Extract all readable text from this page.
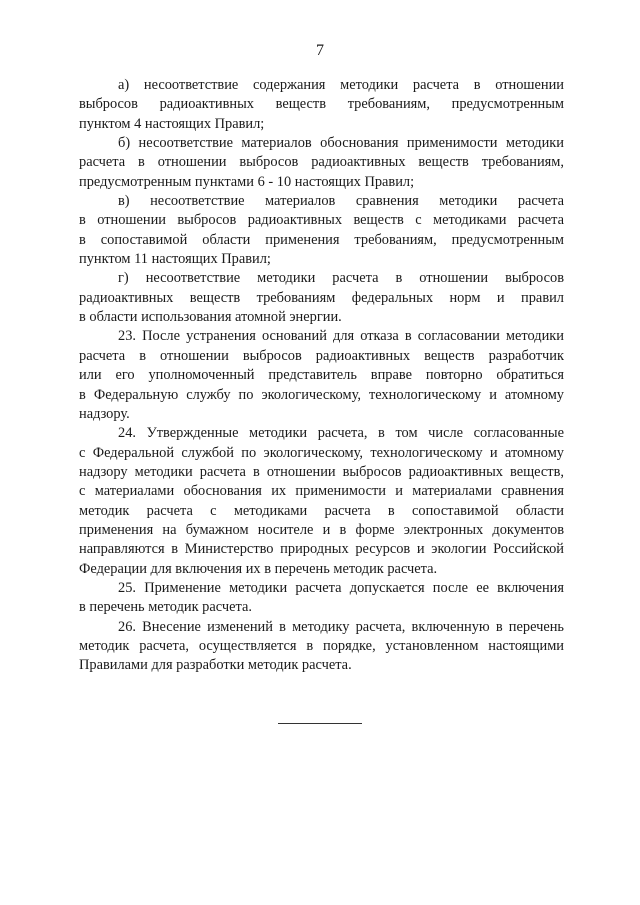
7
а) несоответствие содержания методики расчета в отношении
выбросов радиоактивных веществ требованиям, предусмотренным
пунктом 4 настоящих Правил;
б) несоответствие материалов обоснования применимости методики
расчета в отношении выбросов радиоактивных веществ требованиям,
предусмотренным пунктами 6 - 10 настоящих Правил;
в) несоответствие материалов сравнения методики расчета
в отношении выбросов радиоактивных веществ с методиками расчета
в сопоставимой области применения требованиям, предусмотренным
пунктом 11 настоящих Правил;
г) несоответствие методики расчета в отношении выбросов
радиоактивных веществ требованиям федеральных норм и правил
в области использования атомной энергии.
23. После устранения оснований для отказа в согласовании методики
расчета в отношении выбросов радиоактивных веществ разработчик
или его уполномоченный представитель вправе повторно обратиться
в Федеральную службу по экологическому, технологическому и атомному
надзору.
24. Утвержденные методики расчета, в том числе согласованные
с Федеральной службой по экологическому, технологическому и атомному
надзору методики расчета в отношении выбросов радиоактивных веществ,
с материалами обоснования их применимости и материалами сравнения
методик расчета с методиками расчета в сопоставимой области
применения на бумажном носителе и в форме электронных документов
направляются в Министерство природных ресурсов и экологии Российской
Федерации для включения их в перечень методик расчета.
25. Применение методики расчета допускается после ее включения
в перечень методик расчета.
26. Внесение изменений в методику расчета, включенную в перечень
методик расчета, осуществляется в порядке, установленном настоящими
Правилами для разработки методик расчета.
